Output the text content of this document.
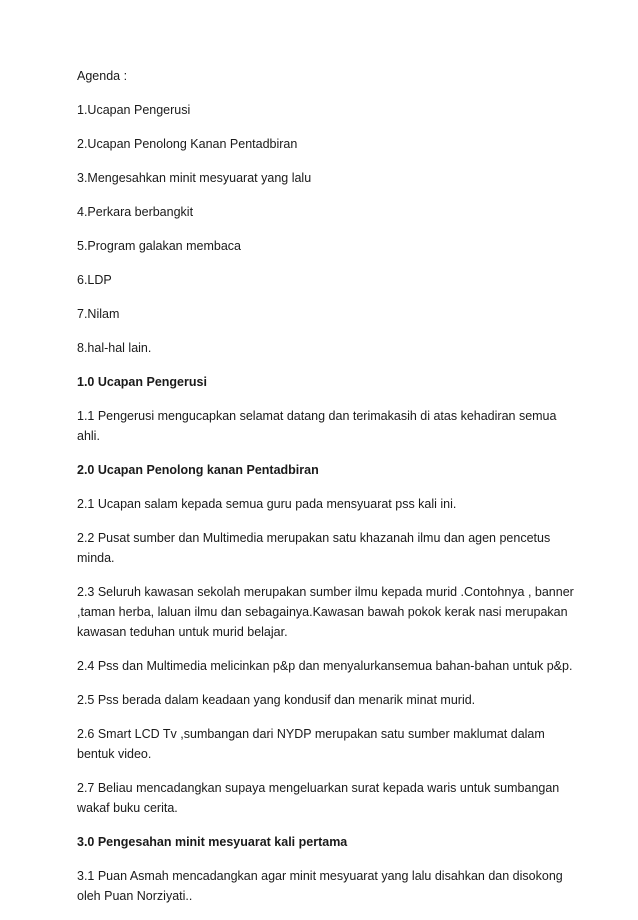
Agenda :
1.Ucapan Pengerusi
2.Ucapan Penolong Kanan Pentadbiran
3.Mengesahkan minit mesyuarat yang lalu
4.Perkara berbangkit
5.Program galakan membaca
6.LDP
7.Nilam
8.hal-hal lain.
1.0 Ucapan Pengerusi
1.1 Pengerusi mengucapkan selamat datang dan terimakasih di atas kehadiran semua ahli.
2.0 Ucapan Penolong kanan Pentadbiran
2.1 Ucapan salam kepada semua guru pada mensyuarat pss kali ini.
2.2 Pusat sumber dan Multimedia merupakan satu khazanah ilmu dan agen pencetus minda.
2.3 Seluruh kawasan sekolah merupakan sumber ilmu kepada murid .Contohnya , banner ,taman herba, laluan ilmu dan sebagainya.Kawasan bawah pokok kerak nasi merupakan kawasan teduhan untuk murid belajar.
2.4 Pss dan Multimedia melicinkan p&p dan menyalurkansemua bahan-bahan untuk p&p.
2.5 Pss berada dalam keadaan yang kondusif dan menarik minat murid.
2.6 Smart LCD Tv ,sumbangan dari NYDP merupakan satu sumber maklumat dalam bentuk video.
2.7 Beliau mencadangkan supaya mengeluarkan surat kepada waris untuk sumbangan wakaf buku cerita.
3.0 Pengesahan minit mesyuarat kali pertama
3.1 Puan Asmah mencadangkan agar minit mesyuarat yang lalu disahkan dan disokong oleh Puan Norziyati..
